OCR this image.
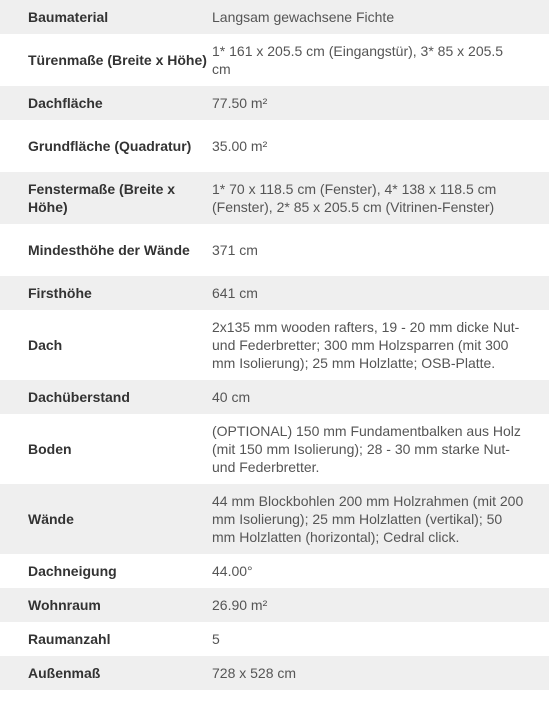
Baumaterial	Langsam gewachsene Fichte
Türenmaße (Breite x Höhe)	1* 161 x 205.5 cm (Eingangstür), 3* 85 x 205.5 cm
Dachfläche	77.50 m²
Grundfläche (Quadratur)	35.00 m²
Fenstermaße (Breite x Höhe)	1* 70 x 118.5 cm (Fenster), 4* 138 x 118.5 cm (Fenster), 2* 85 x 205.5 cm (Vitrinen-Fenster)
Mindesthöhe der Wände	371 cm
Firsthöhe	641 cm
Dach	2x135 mm wooden rafters, 19 - 20 mm dicke Nut- und Federbretter; 300 mm Holzsparren (mit 300 mm Isolierung); 25 mm Holzlatte; OSB-Platte.
Dachüberstand	40 cm
Boden	(OPTIONAL) 150 mm Fundamentbalken aus Holz (mit 150 mm Isolierung); 28 - 30 mm starke Nut- und Federbretter.
Wände	44 mm Blockbohlen 200 mm Holzrahmen (mit 200 mm Isolierung); 25 mm Holzlatten (vertikal); 50 mm Holzlatten (horizontal); Cedral click.
Dachneigung	44.00°
Wohnraum	26.90 m²
Raumanzahl	5
Außenmaß	728 x 528 cm
